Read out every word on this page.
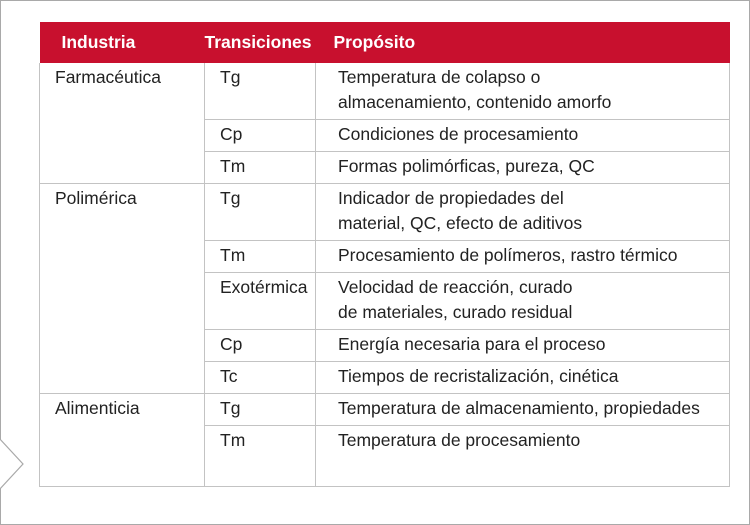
Industria	Transiciones	Propósito
Farmacéutica	Tg	Temperatura de colapso o
almacenamiento, contenido amorfo

	Cp	Condiciones de procesamiento

	Tm	Formas polimórficas, pureza, QC

Polimérica	Tg	Indicador de propiedades del
material, QC, efecto de aditivos

	Tm	Procesamiento de polímeros, rastro térmico

	Exotérmica	Velocidad de reacción, curado
de materiales, curado residual

	Cp	Energía necesaria para el proceso

	Tc	Tiempos de recristalización, cinética

Alimenticia	Tg	Temperatura de almacenamiento, propiedades

	Tm	Temperatura de procesamiento
